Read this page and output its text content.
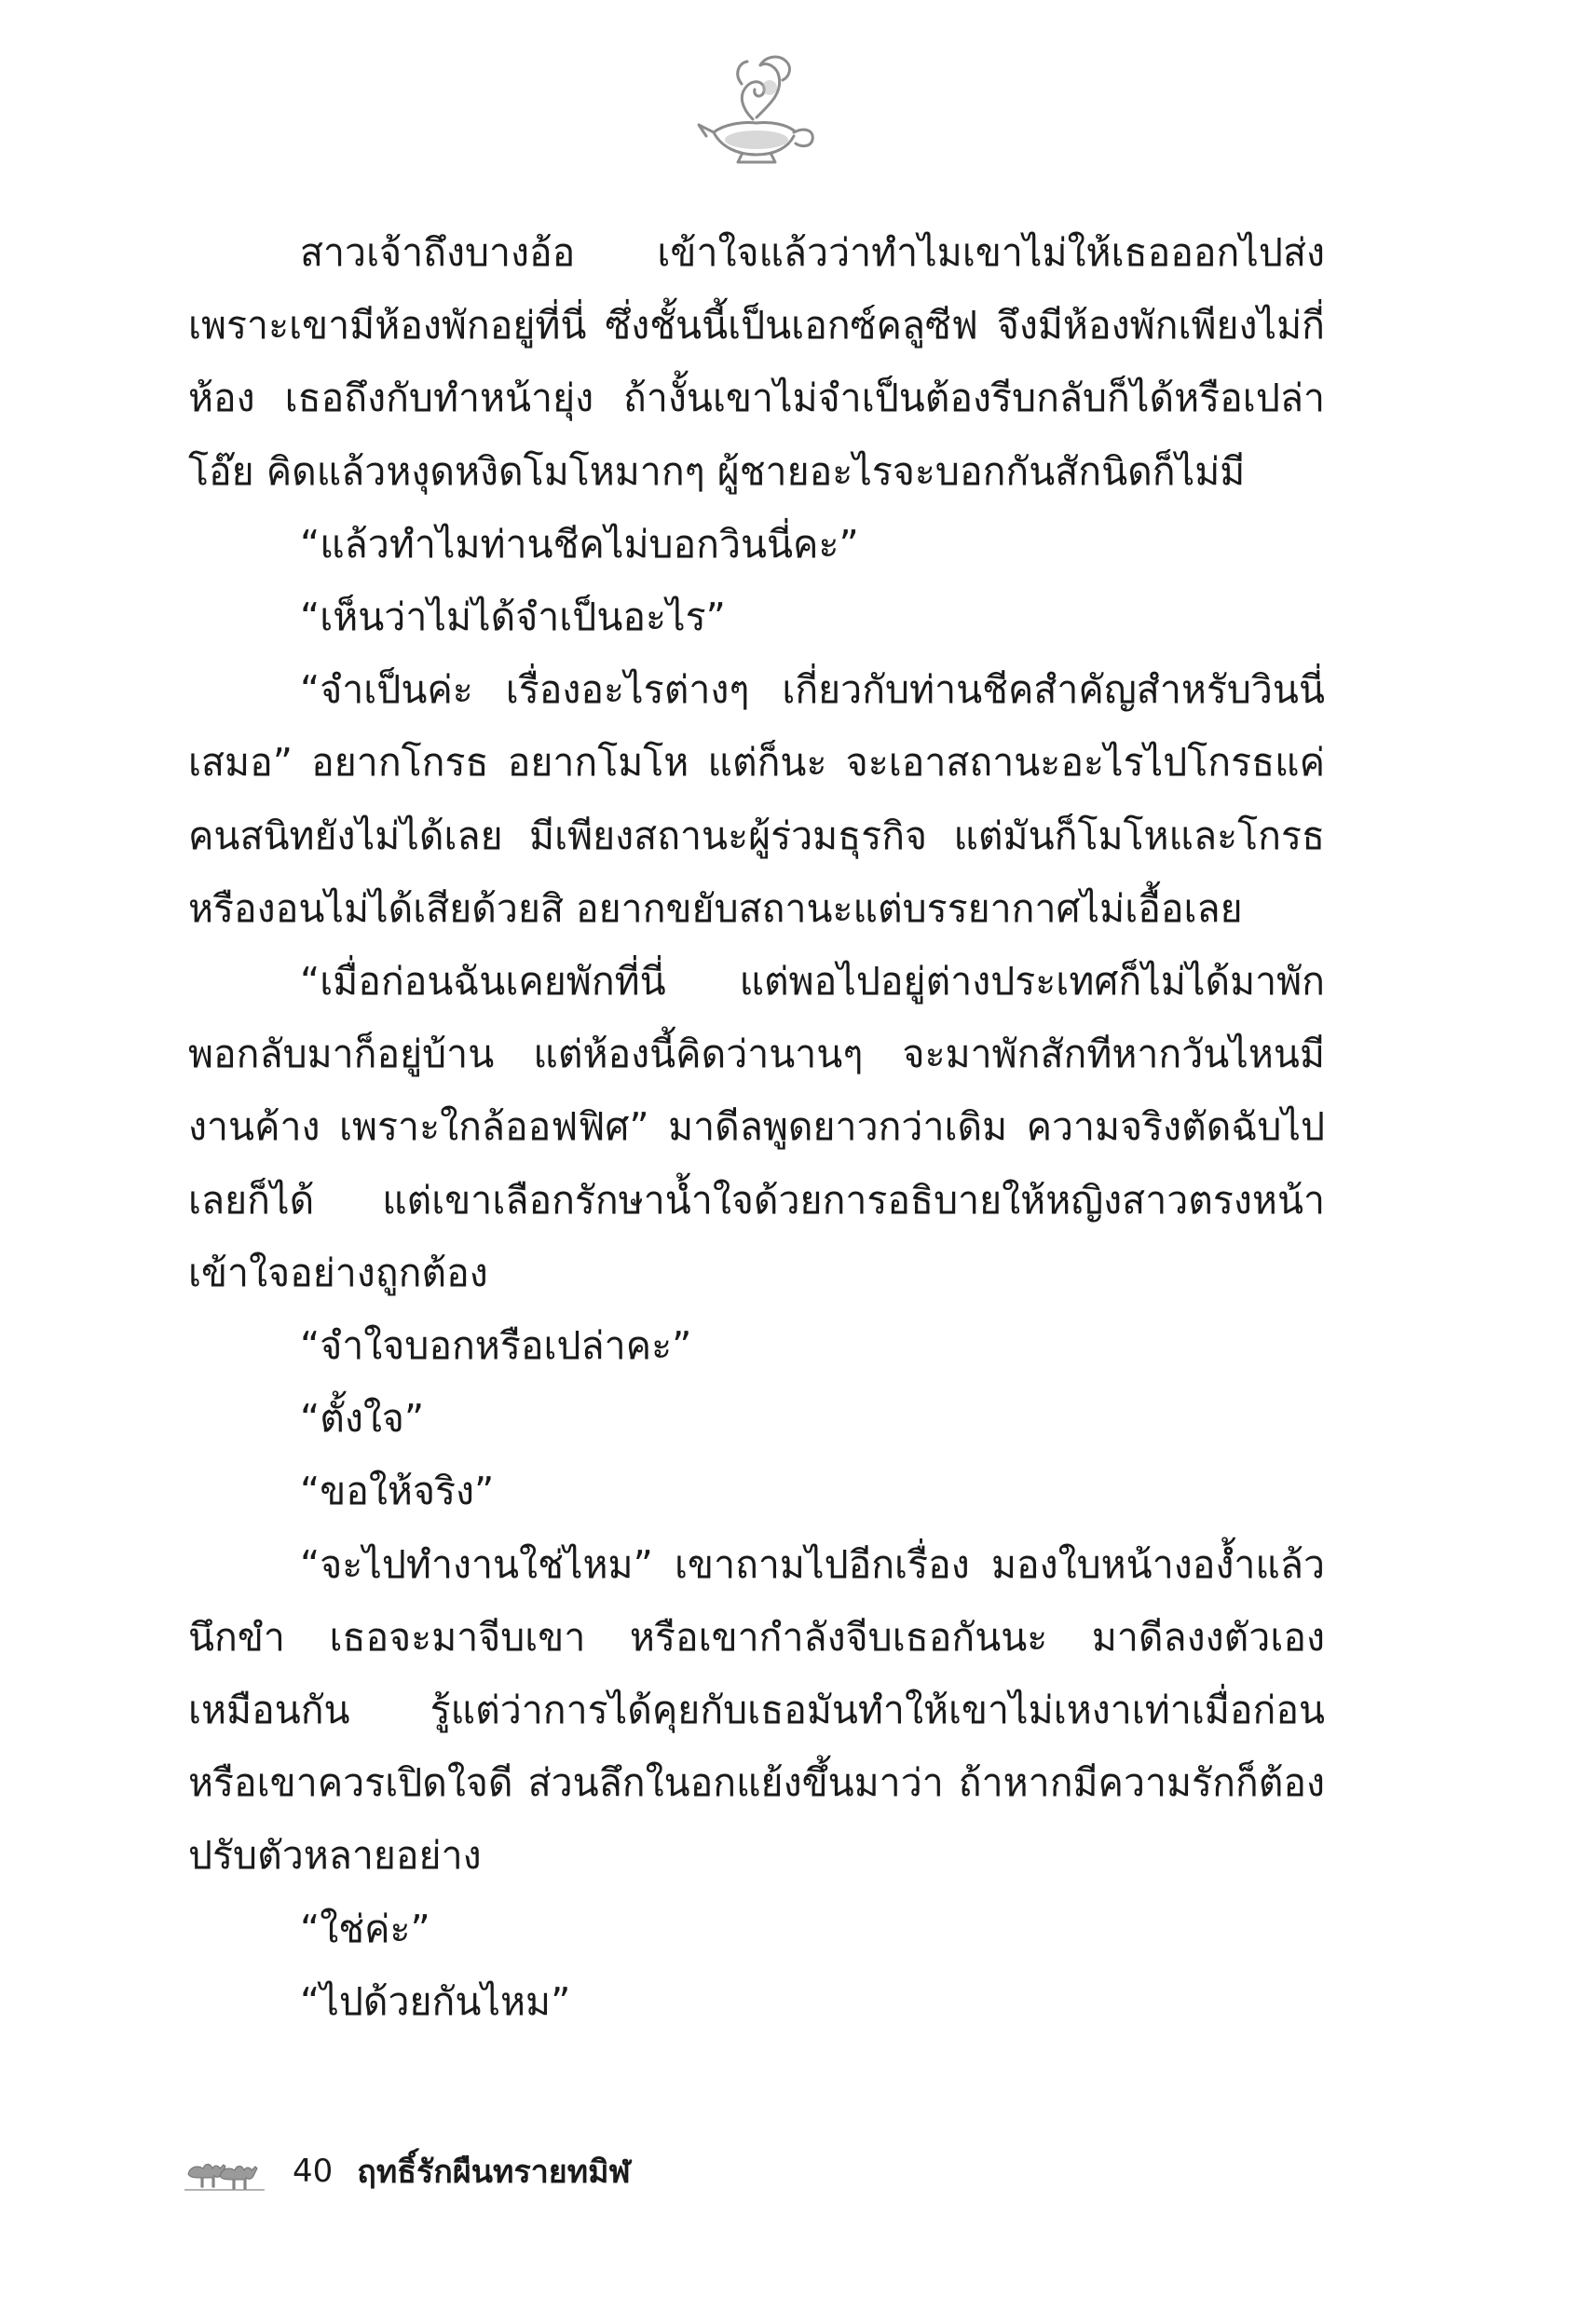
สาวเจ้าถึงบางอ้อ เข้าใจแล้วว่าทำไมเขาไม่ให้เธอออกไปส่ง เพราะเขามีห้องพักอยู่ที่นี่ ซึ่งชั้นนี้เป็นเอกซ์คลูซีฟ จึงมีห้องพักเพียงไม่กี่ห้อง เธอถึงกับทำหน้ายุ่ง ถ้างั้นเขาไม่จำเป็นต้องรีบกลับก็ได้หรือเปล่า โอ๊ย คิดแล้วหงุดหงิดโมโหมากๆ ผู้ชายอะไรจะบอกกันสักนิดก็ไม่มี

“แล้วทำไมท่านชีคไม่บอกวินนี่คะ”

“เห็นว่าไม่ได้จำเป็นอะไร”

“จำเป็นค่ะ เรื่องอะไรต่างๆ เกี่ยวกับท่านชีคสำคัญสำหรับวินนี่เสมอ” อยากโกรธ อยากโมโห แต่ก็นะ จะเอาสถานะอะไรไปโกรธแค่คนสนิทยังไม่ได้เลย มีเพียงสถานะผู้ร่วมธุรกิจ แต่มันก็โมโหและโกรธ หรืองอนไม่ได้เสียด้วยสิ อยากขยับสถานะแต่บรรยากาศไม่เอื้อเลย

“เมื่อก่อนฉันเคยพักที่นี่ แต่พอไปอยู่ต่างประเทศก็ไม่ได้มาพัก พอกลับมาก็อยู่บ้าน แต่ห้องนี้คิดว่านานๆ จะมาพักสักทีหากวันไหนมีงานค้าง เพราะใกล้ออฟฟิศ” มาดีลพูดยาวกว่าเดิม ความจริงตัดฉับไปเลยก็ได้ แต่เขาเลือกรักษาน้ำใจด้วยการอธิบายให้หญิงสาวตรงหน้าเข้าใจอย่างถูกต้อง

“จำใจบอกหรือเปล่าคะ”

“ตั้งใจ”

“ขอให้จริง”

“จะไปทำงานใช่ไหม” เขาถามไปอีกเรื่อง มองใบหน้างอง้ำแล้วนึกขำ เธอจะมาจีบเขา หรือเขากำลังจีบเธอกันนะ มาดีลงงตัวเองเหมือนกัน รู้แต่ว่าการได้คุยกับเธอมันทำให้เขาไม่เหงาเท่าเมื่อก่อน หรือเขาควรเปิดใจดี ส่วนลึกในอกแย้งขึ้นมาว่า ถ้าหากมีความรักก็ต้องปรับตัวหลายอย่าง

“ใช่ค่ะ”

“ไปด้วยกันไหม”

40 ฤทธิ์รักผืนทรายทมิฬ
